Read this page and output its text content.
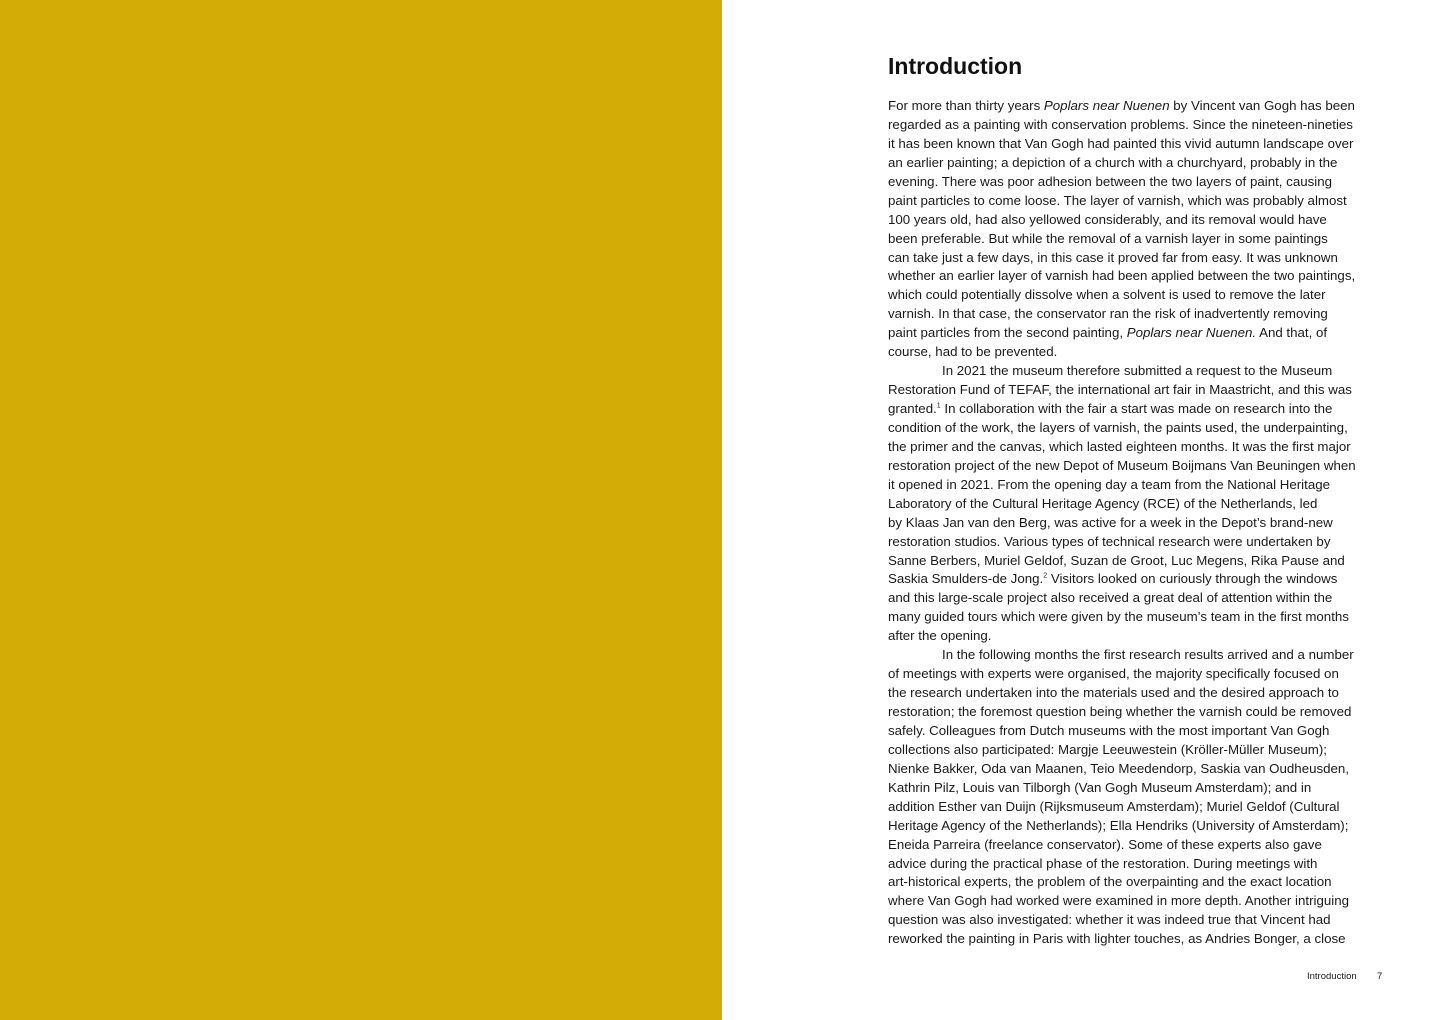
Introduction
For more than thirty years Poplars near Nuenen by Vincent van Gogh has been
regarded as a painting with conservation problems. Since the nineteen-nineties
it has been known that Van Gogh had painted this vivid autumn landscape over
an earlier painting; a depiction of a church with a churchyard, probably in the
evening. There was poor adhesion between the two layers of paint, causing
paint particles to come loose. The layer of varnish, which was probably almost
100 years old, had also yellowed considerably, and its removal would have
been preferable. But while the removal of a varnish layer in some paintings
can take just a few days, in this case it proved far from easy. It was unknown
whether an earlier layer of varnish had been applied between the two paintings,
which could potentially dissolve when a solvent is used to remove the later
varnish. In that case, the conservator ran the risk of inadvertently removing
paint particles from the second painting, Poplars near Nuenen. And that, of
course, had to be prevented.
In 2021 the museum therefore submitted a request to the Museum
Restoration Fund of TEFAF, the international art fair in Maastricht, and this was
granted.$^1$ In collaboration with the fair a start was made on research into the
condition of the work, the layers of varnish, the paints used, the underpainting,
the primer and the canvas, which lasted eighteen months. It was the first major
restoration project of the new Depot of Museum Boijmans Van Beuningen when
it opened in 2021. From the opening day a team from the National Heritage
Laboratory of the Cultural Heritage Agency (RCE) of the Netherlands, led
by Klaas Jan van den Berg, was active for a week in the Depot’s brand-new
restoration studios. Various types of technical research were undertaken by
Sanne Berbers, Muriel Geldof, Suzan de Groot, Luc Megens, Rika Pause and
Saskia Smulders-de Jong.$^2$ Visitors looked on curiously through the windows
and this large-scale project also received a great deal of attention within the
many guided tours which were given by the museum’s team in the first months
after the opening.
In the following months the first research results arrived and a number
of meetings with experts were organised, the majority specifically focused on
the research undertaken into the materials used and the desired approach to
restoration; the foremost question being whether the varnish could be removed
safely. Colleagues from Dutch museums with the most important Van Gogh
collections also participated: Margje Leeuwestein (Kröller-Müller Museum);
Nienke Bakker, Oda van Maanen, Teio Meedendorp, Saskia van Oudheusden,
Kathrin Pilz, Louis van Tilborgh (Van Gogh Museum Amsterdam); and in
addition Esther van Duijn (Rijksmuseum Amsterdam); Muriel Geldof (Cultural
Heritage Agency of the Netherlands); Ella Hendriks (University of Amsterdam);
Eneida Parreira (freelance conservator). Some of these experts also gave
advice during the practical phase of the restoration. During meetings with
art-historical experts, the problem of the overpainting and the exact location
where Van Gogh had worked were examined in more depth. Another intriguing
question was also investigated: whether it was indeed true that Vincent had
reworked the painting in Paris with lighter touches, as Andries Bonger, a close
Introduction 7
